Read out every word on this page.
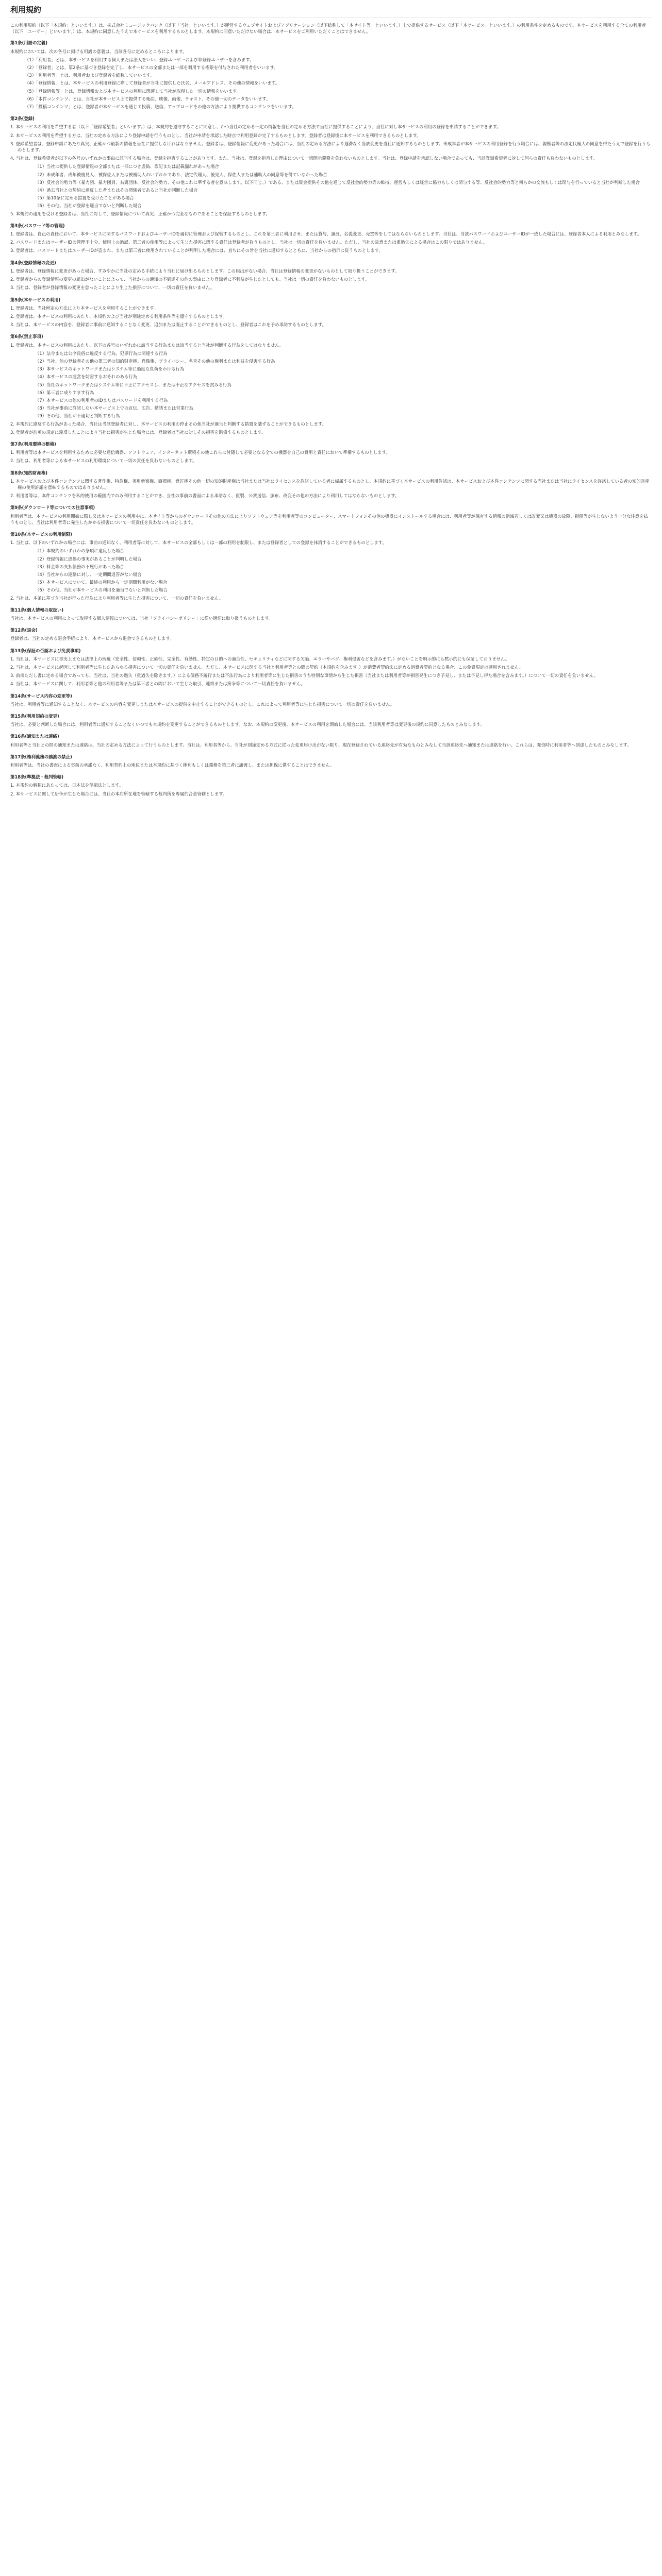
利用規約

この利用規約（以下「本規約」といいます。）は、株式会社ミュージックバンク（以下「当社」といいます。）が運営するウェブサイトおよびアプリケーション（以下総称して「本サイト等」といいます。）上で提供するサービス（以下「本サービス」といいます。）の利用条件を定めるものです。本サービスを利用する全ての利用者（以下「ユーザー」といいます。）は、本規約に同意したうえで本サービスを利用するものとします。本規約に同意いただけない場合は、本サービスをご利用いただくことはできません。

第1条(用語の定義)

本規約においては、次の各号に掲げる用語の意義は、当該各号に定めるところによります。

（1）「利用者」とは、本サービスを利用する個人または法人をいい、登録ユーザーおよび非登録ユーザーを含みます。

（2）「登録者」とは、第2条に基づき登録を完了し、本サービスの全部または一部を利用する権限を付与された利用者をいいます。

（3）「利用者等」とは、利用者および登録者を総称していいます。

（4）「登録情報」とは、本サービスの利用登録に際して登録者が当社に提供した氏名、メールアドレス、その他の情報をいいます。

（5）「登録情報等」とは、登録情報および本サービスの利用に関連して当社が取得した一切の情報をいいます。

（6）「本件コンテンツ」とは、当社が本サービス上で提供する楽曲、映像、画像、テキスト、その他一切のデータをいいます。

（7）「投稿コンテンツ」とは、登録者が本サービスを通じて投稿、送信、アップロードその他の方法により提供するコンテンツをいいます。

第2条(登録)

1. 本サービスの利用を希望する者（以下「登録希望者」といいます。）は、本規約を遵守することに同意し、かつ当社の定める一定の情報を当社の定める方法で当社に提供することにより、当社に対し本サービスの利用の登録を申請することができます。

2. 本サービスの利用を希望する方は、当社の定める方法により登録申請を行うものとし、当社が申請を承認した時点で利用登録が完了するものとします。登録者は登録後に本サービスを利用できるものとします。

3. 登録希望者は、登録申請にあたり真実、正確かつ最新の情報を当社に提供しなければなりません。登録者は、登録情報に変更があった場合には、当社の定める方法により遅滞なく当該変更を当社に通知するものとします。未成年者が本サービスの利用登録を行う場合には、親権者等の法定代理人の同意を得たうえで登録を行うものとします。

4. 当社は、登録希望者が以下の各号のいずれかの事由に該当する場合は、登録を拒否することがあります。また、当社は、登録を拒否した理由について一切開示義務を負わないものとします。当社は、登録申請を承認しない場合であっても、当該登録希望者に対して何らの責任も負わないものとします。

（1）当社に提供した登録情報の全部または一部につき虚偽、誤記または記載漏れがあった場合

（2）未成年者、成年被後見人、被保佐人または被補助人のいずれかであり、法定代理人、後見人、保佐人または補助人の同意等を得ていなかった場合

（3）反社会的勢力等（暴力団、暴力団員、右翼団体、反社会的勢力、その他これに準ずる者を意味します。以下同じ。）である、または資金提供その他を通じて反社会的勢力等の維持、運営もしくは経営に協力もしくは関与する等、反社会的勢力等と何らかの交流もしくは関与を行っていると当社が判断した場合

（4）過去当社との契約に違反した者またはその関係者であると当社が判断した場合

（5）第10条に定める措置を受けたことがある場合

（6）その他、当社が登録を適当でないと判断した場合

5. 本規約の適用を受ける登録者は、当社に対して、登録情報について真実、正確かつ完全なものであることを保証するものとします。

第3条(パスワード等の管理)

1. 登録者は、自己の責任において、本サービスに関するパスワードおよびユーザーIDを適切に管理および保管するものとし、これを第三者に利用させ、または貸与、譲渡、名義変更、売買等をしてはならないものとします。当社は、当該パスワードおよびユーザーIDが一致した場合には、登録者本人による利用とみなします。

2. パスワードまたはユーザーIDの管理不十分、使用上の過誤、第三者の使用等によって生じた損害に関する責任は登録者が負うものとし、当社は一切の責任を負いません。ただし、当社の故意または重過失による場合はこの限りではありません。

3. 登録者は、パスワードまたはユーザーIDが盗まれ、または第三者に使用されていることが判明した場合には、直ちにその旨を当社に通知するとともに、当社からの指示に従うものとします。

第4条(登録情報の変更)

1. 登録者は、登録情報に変更があった場合、すみやかに当社の定める手続により当社に届け出るものとします。この届出がない場合、当社は登録情報の変更がないものとして取り扱うことができます。

2. 登録者からの登録情報の変更の届出がないことによって、当社からの通知の不到達その他の事由により登録者に不利益が生じたとしても、当社は一切の責任を負わないものとします。

3. 当社は、登録者が登録情報の変更を怠ったことにより生じた損害について、一切の責任を負いません。

第5条(本サービスの利用)

1. 登録者は、当社所定の方法により本サービスを利用することができます。

2. 登録者は、本サービスの利用にあたり、本規約および当社が別途定める利用条件等を遵守するものとします。

3. 当社は、本サービスの内容を、登録者に事前に通知することなく変更、追加または廃止することができるものとし、登録者はこれを予め承諾するものとします。

第6条(禁止事項)

1. 登録者は、本サービスの利用にあたり、以下の各号のいずれかに該当する行為または該当すると当社が判断する行為をしてはなりません。

（1）法令または公序良俗に違反する行為、犯罪行為に関連する行為

（2）当社、他の登録者その他の第三者の知的財産権、肖像権、プライバシー、名誉その他の権利または利益を侵害する行為

（3）本サービスのネットワークまたはシステム等に過度な負荷をかける行為

（4）本サービスの運営を妨害するおそれのある行為

（5）当社のネットワークまたはシステム等に不正にアクセスし、または不正なアクセスを試みる行為

（6）第三者に成りすます行為

（7）本サービスの他の利用者のIDまたはパスワードを利用する行為

（8）当社が事前に許諾しない本サービス上での宣伝、広告、勧誘または営業行為

（9）その他、当社が不適切と判断する行為

2. 本規約に違反する行為があった場合、当社は当該登録者に対し、本サービスの利用の停止その他当社が適当と判断する措置を講ずることができるものとします。

3. 登録者が前項の規定に違反したことにより当社に損害が生じた場合には、登録者は当社に対しその損害を賠償するものとします。

第7条(利用環境の整備)

1. 利用者等は本サービスを利用するために必要な通信機器、ソフトウェア、インターネット環境その他これらに付随して必要となる全ての機器を自己の費用と責任において準備するものとします。

2. 当社は、利用者等による本サービスの利用環境について一切の責任を負わないものとします。

第8条(知的財産権)

1. 本サービスおよび本件コンテンツに関する著作権、特許権、実用新案権、商標権、意匠権その他一切の知的財産権は当社または当社にライセンスを許諾している者に帰属するものとし、本規約に基づく本サービスの利用許諾は、本サービスおよび本件コンテンツに関する当社または当社にライセンスを許諾している者の知的財産権の使用許諾を意味するものではありません。

2. 利用者等は、本件コンテンツを私的使用の範囲内でのみ利用することができ、当社の事前の書面による承諾なく、複製、公衆送信、頒布、改変その他の方法により利用してはならないものとします。

第9条(ダウンロード等についての注意事項)

利用者等は、本サービスの利用開始に際し又は本サービスの利用中に、本サイト等からのダウンロードその他の方法によりソフトウェア等を利用者等のコンピューター、スマートフォンその他の機器にインストールする場合には、利用者等が保有する情報の消滅若しくは改変又は機器の故障、損傷等が生じないよう十分な注意を払うものとし、当社は利用者等に発生したかかる損害について一切責任を負わないものとします。

第10条(本サービスの利用制限)

1. 当社は、以下のいずれかの場合には、事前の通知なく、利用者等に対して、本サービスの全部もしくは一部の利用を制限し、または登録者としての登録を抹消することができるものとします。

（1）本規約のいずれかの条項に違反した場合

（2）登録情報に虚偽の事実があることが判明した場合

（3）料金等の支払債務の不履行があった場合

（4）当社からの連絡に対し、一定期間返答がない場合

（5）本サービスについて、最終の利用から一定期間利用がない場合

（6）その他、当社が本サービスの利用を適当でないと判断した場合

2. 当社は、本条に基づき当社が行った行為により利用者等に生じた損害について、一切の責任を負いません。

第11条(個人情報の取扱い)

当社は、本サービスの利用によって取得する個人情報については、当社「プライバシーポリシー」に従い適切に取り扱うものとします。

第12条(退会)

登録者は、当社の定める退会手続により、本サービスから退会できるものとします。

第13条(保証の否認および免責事項)

1. 当社は、本サービスに事実上または法律上の瑕疵（安全性、信頼性、正確性、完全性、有効性、特定の目的への適合性、セキュリティなどに関する欠陥、エラーやバグ、権利侵害などを含みます。）がないことを明示的にも黙示的にも保証しておりません。

2. 当社は、本サービスに起因して利用者等に生じたあらゆる損害について一切の責任を負いません。ただし、本サービスに関する当社と利用者等との間の契約（本規約を含みます。）が消費者契約法に定める消費者契約となる場合、この免責規定は適用されません。

3. 前項ただし書に定める場合であっても、当社は、当社の過失（重過失を除きます。）による債務不履行または不法行為により利用者等に生じた損害のうち特別な事情から生じた損害（当社または利用者等が損害発生につき予見し、または予見し得た場合を含みます。）について一切の責任を負いません。

4. 当社は、本サービスに関して、利用者等と他の利用者等または第三者との間において生じた取引、連絡または紛争等について一切責任を負いません。

第14条(サービス内容の変更等)

当社は、利用者等に通知することなく、本サービスの内容を変更しまたは本サービスの提供を中止することができるものとし、これによって利用者等に生じた損害について一切の責任を負いません。

第15条(利用規約の変更)

当社は、必要と判断した場合には、利用者等に通知することなくいつでも本規約を変更することができるものとします。なお、本規約の変更後、本サービスの利用を開始した場合には、当該利用者等は変更後の規約に同意したものとみなします。

第16条(通知または連絡)

利用者等と当社との間の通知または連絡は、当社の定める方法によって行うものとします。当社は、利用者等から、当社が別途定める方式に従った変更届け出がない限り、現在登録されている連絡先が有効なものとみなして当該連絡先へ通知または連絡を行い、これらは、発信時に利用者等へ到達したものとみなします。

第17条(権利義務の譲渡の禁止)

利用者等は、当社の書面による事前の承諾なく、利用契約上の地位または本規約に基づく権利もしくは義務を第三者に譲渡し、または担保に供することはできません。

第18条(準拠法・裁判管轄)

1. 本規約の解釈にあたっては、日本法を準拠法とします。

2. 本サービスに関して紛争が生じた場合には、当社の本店所在地を管轄する裁判所を専属的合意管轄とします。
